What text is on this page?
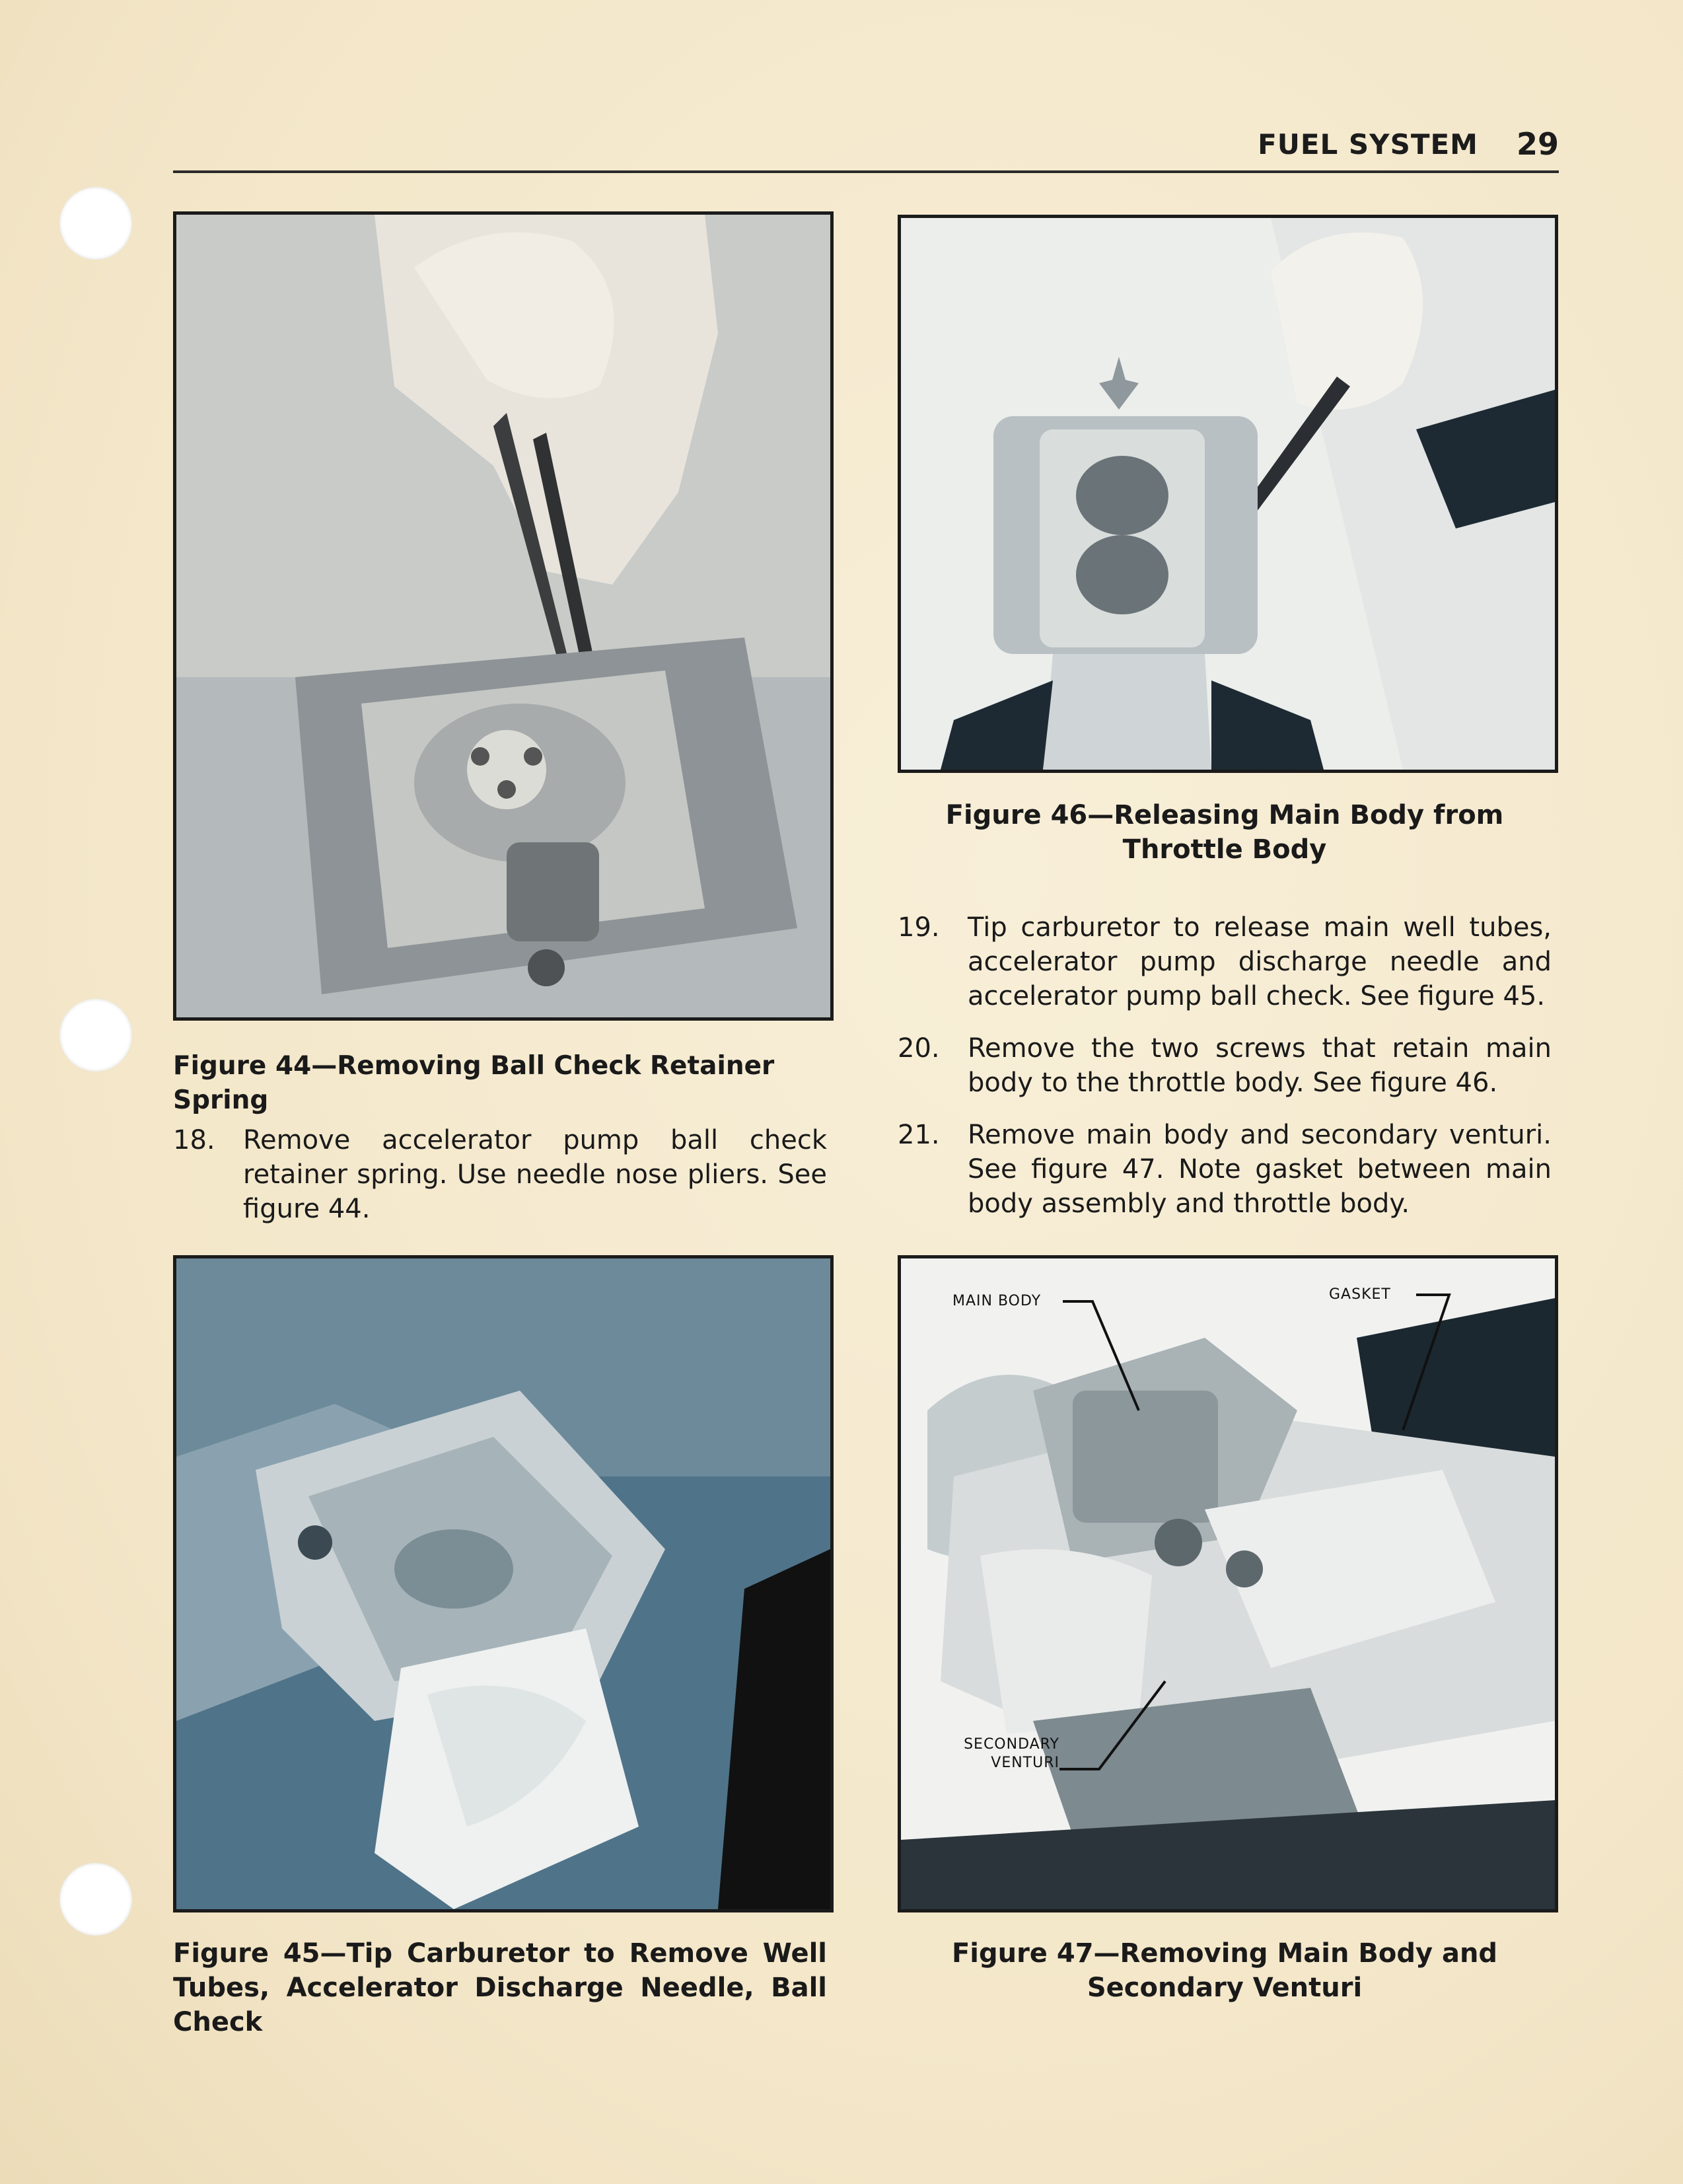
FUEL SYSTEM 29
Figure 44—Removing Ball Check Retainer Spring
18.	Remove accelerator pump ball check retainer spring. Use needle nose pliers. See figure 44.
Figure 45—Tip Carburetor to Remove Well Tubes, Accelerator Discharge Needle, Ball Check
Figure 46—Releasing Main Body from
Throttle Body
19.	Tip carburetor to release main well tubes, accelerator pump discharge needle and accelerator pump ball check. See figure 45.
20.	Remove the two screws that retain main body to the throttle body. See figure 46.
21.	Remove main body and secondary venturi. See figure 47. Note gasket between main body assembly and throttle body.
MAIN BODY	GASKET
SECONDARY
VENTURI
Figure 47—Removing Main Body and
Secondary Venturi
